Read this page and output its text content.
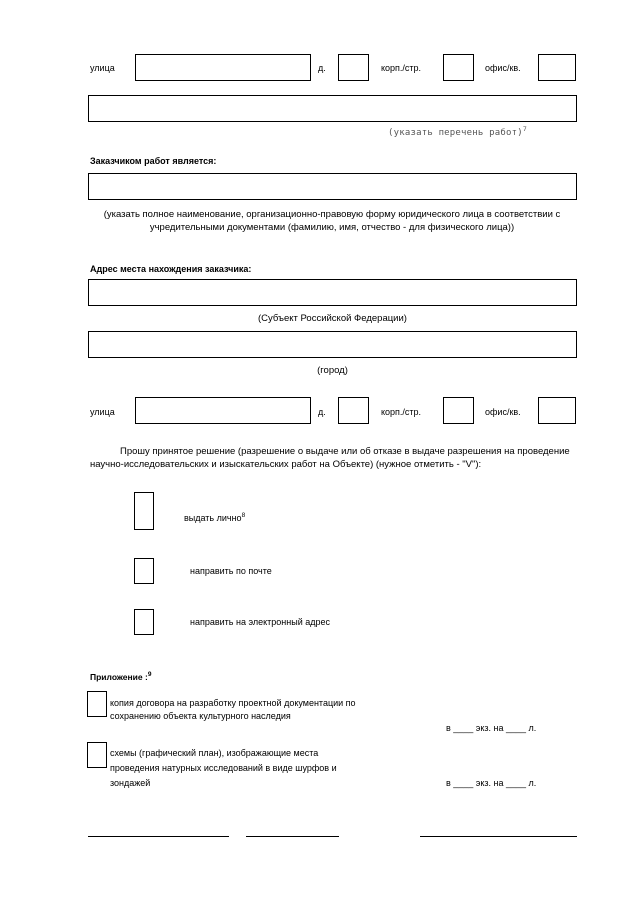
улица	д.	корп./стр.	офис/кв.
(указать перечень работ)$^7$
Заказчиком работ является:
(указать полное наименование, организационно-правовую форму юридического лица в соответствии с учредительными документами (фамилию, имя, отчество - для физического лица))
Адрес места нахождения заказчика:
(Субъект Российской Федерации)
(город)
улица	д.	корп./стр.	офис/кв.
Прошу принятое решение (разрешение о выдаче или об отказе в выдаче разрешения на проведение научно-исследовательских и изыскательских работ на Объекте) (нужное отметить - "V"):
выдать лично$^8$
направить по почте
направить на электронный адрес
Приложение :$^9$
копия договора на разработку проектной документации по
сохранению объекта культурного наследия
в ____ экз. на ____ л.
схемы (графический план), изображающие места
проведения натурных исследований в виде шурфов и
зондажей	в ____ экз. на ____ л.
